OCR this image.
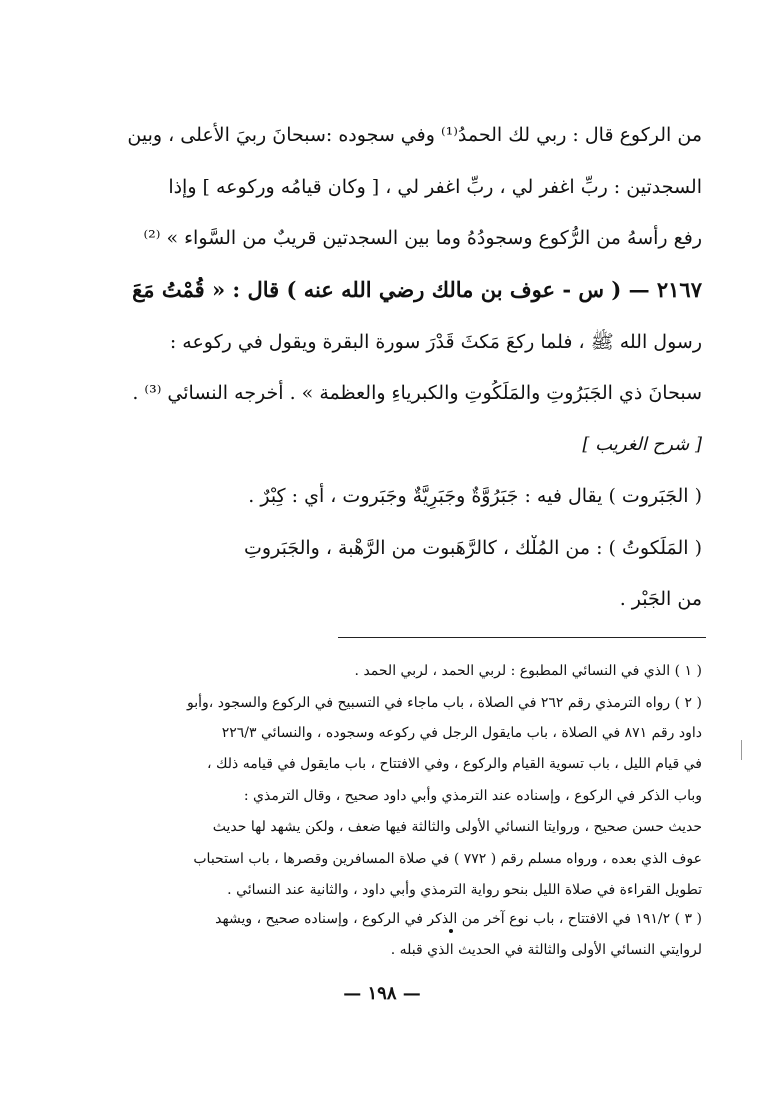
من الركوع قال : ربي لك الحمدُ⁽¹⁾ وفي سجوده :سبحانَ ربيَ الأعلى ، وبين
السجدتين : ربِّ اغفر لي ، ربِّ اغفر لي ، [ وكان قيامُه وركوعه ] وإذا
رفع رأسهُ من الرُّكوع وسجودُهُ وما بين السجدتين قريبٌ من السَّواء » ⁽²⁾
٢١٦٧ — ( س - عوف بن مالك رضي الله عنه ) قال : « قُمْتُ مَعَ
رسول الله ﷺ ، فلما ركعَ مَكثَ قَدْرَ سورة البقرة ويقول في ركوعه :
سبحانَ ذي الجَبَرُوتِ والمَلَكُوتِ والكبرياءِ والعظمة » . أخرجه النسائي ⁽³⁾ .
[ شرح الغريب ]
( الجَبَروت ) يقال فيه : جَبَرُوَّةٌ وجَبَرِيَّةٌ وجَبَروت ، أي : كِبْرٌ .
( المَلَكوتُ ) : من المُلْك ، كالرَّهَبوت من الرَّهْبة ، والجَبَروتِ
من الجَبْر .
( ١ ) الذي في النسائي المطبوع : لربي الحمد ، لربي الحمد .
( ٢ ) رواه الترمذي رقم ٢٦٢ في الصلاة ، باب ماجاء في التسبيح في الركوع والسجود ،وأبو
داود رقم ٨٧١ في الصلاة ، باب مايقول الرجل في ركوعه وسجوده ، والنسائي ٢٢٦/٣
في قيام الليل ، باب تسوية القيام والركوع ، وفي الافتتاح ، باب مايقول في قيامه ذلك ،
وباب الذكر في الركوع ، وإسناده عند الترمذي وأبي داود صحيح ، وقال الترمذي :
حديث حسن صحيح ، وروايتا النسائي الأولى والثالثة فيها ضعف ، ولكن يشهد لها حديث
عوف الذي بعده ، ورواه مسلم رقم ( ٧٧٢ ) في صلاة المسافرين وقصرها ، باب استحباب
تطويل القراءة في صلاة الليل بنحو رواية الترمذي وأبي داود ، والثانية عند النسائي .
( ٣ ) ١٩١/٢ في الافتتاح ، باب نوع آخر من الذكر في الركوع ، وإسناده صحيح ، ويشهد
لروايتي النسائي الأولى والثالثة في الحديث الذي قبله .
— ١٩٨ —
